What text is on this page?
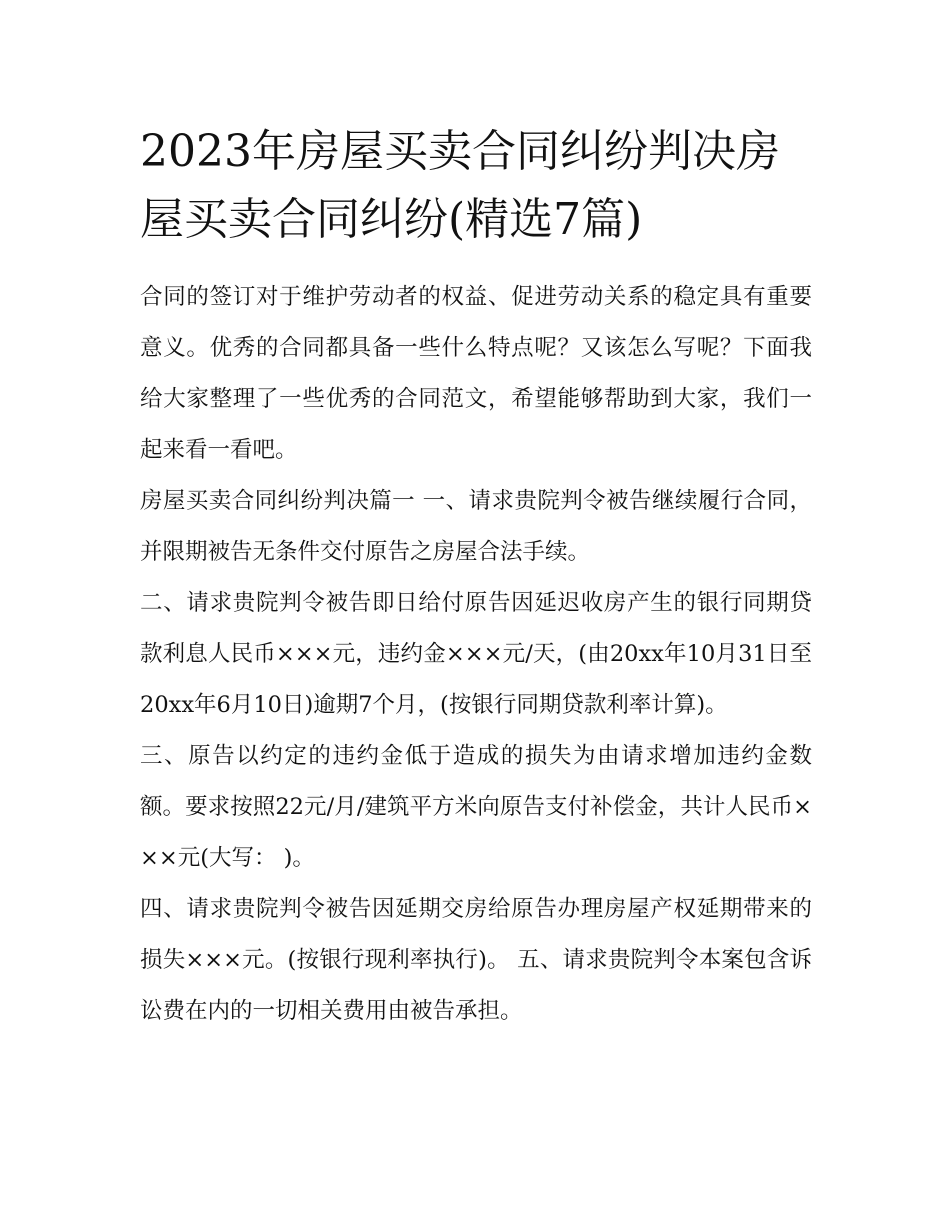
2023年房屋买卖合同纠纷判决房屋买卖合同纠纷(精选7篇)

合同的签订对于维护劳动者的权益、促进劳动关系的稳定具有重要意义。优秀的合同都具备一些什么特点呢？又该怎么写呢？下面我给大家整理了一些优秀的合同范文，希望能够帮助到大家，我们一起来看一看吧。

房屋买卖合同纠纷判决篇一 一、请求贵院判令被告继续履行合同，并限期被告无条件交付原告之房屋合法手续。

二、请求贵院判令被告即日给付原告因延迟收房产生的银行同期贷款利息人民币×××元，违约金×××元/天，(由20xx年10月31日至20xx年6月10日)逾期7个月，(按银行同期贷款利率计算)。

三、原告以约定的违约金低于造成的损失为由请求增加违约金数额。要求按照22元/月/建筑平方米向原告支付补偿金，共计人民币×××元(大写： )。

四、请求贵院判令被告因延期交房给原告办理房屋产权延期带来的损失×××元。(按银行现利率执行)。 五、请求贵院判令本案包含诉讼费在内的一切相关费用由被告承担。
